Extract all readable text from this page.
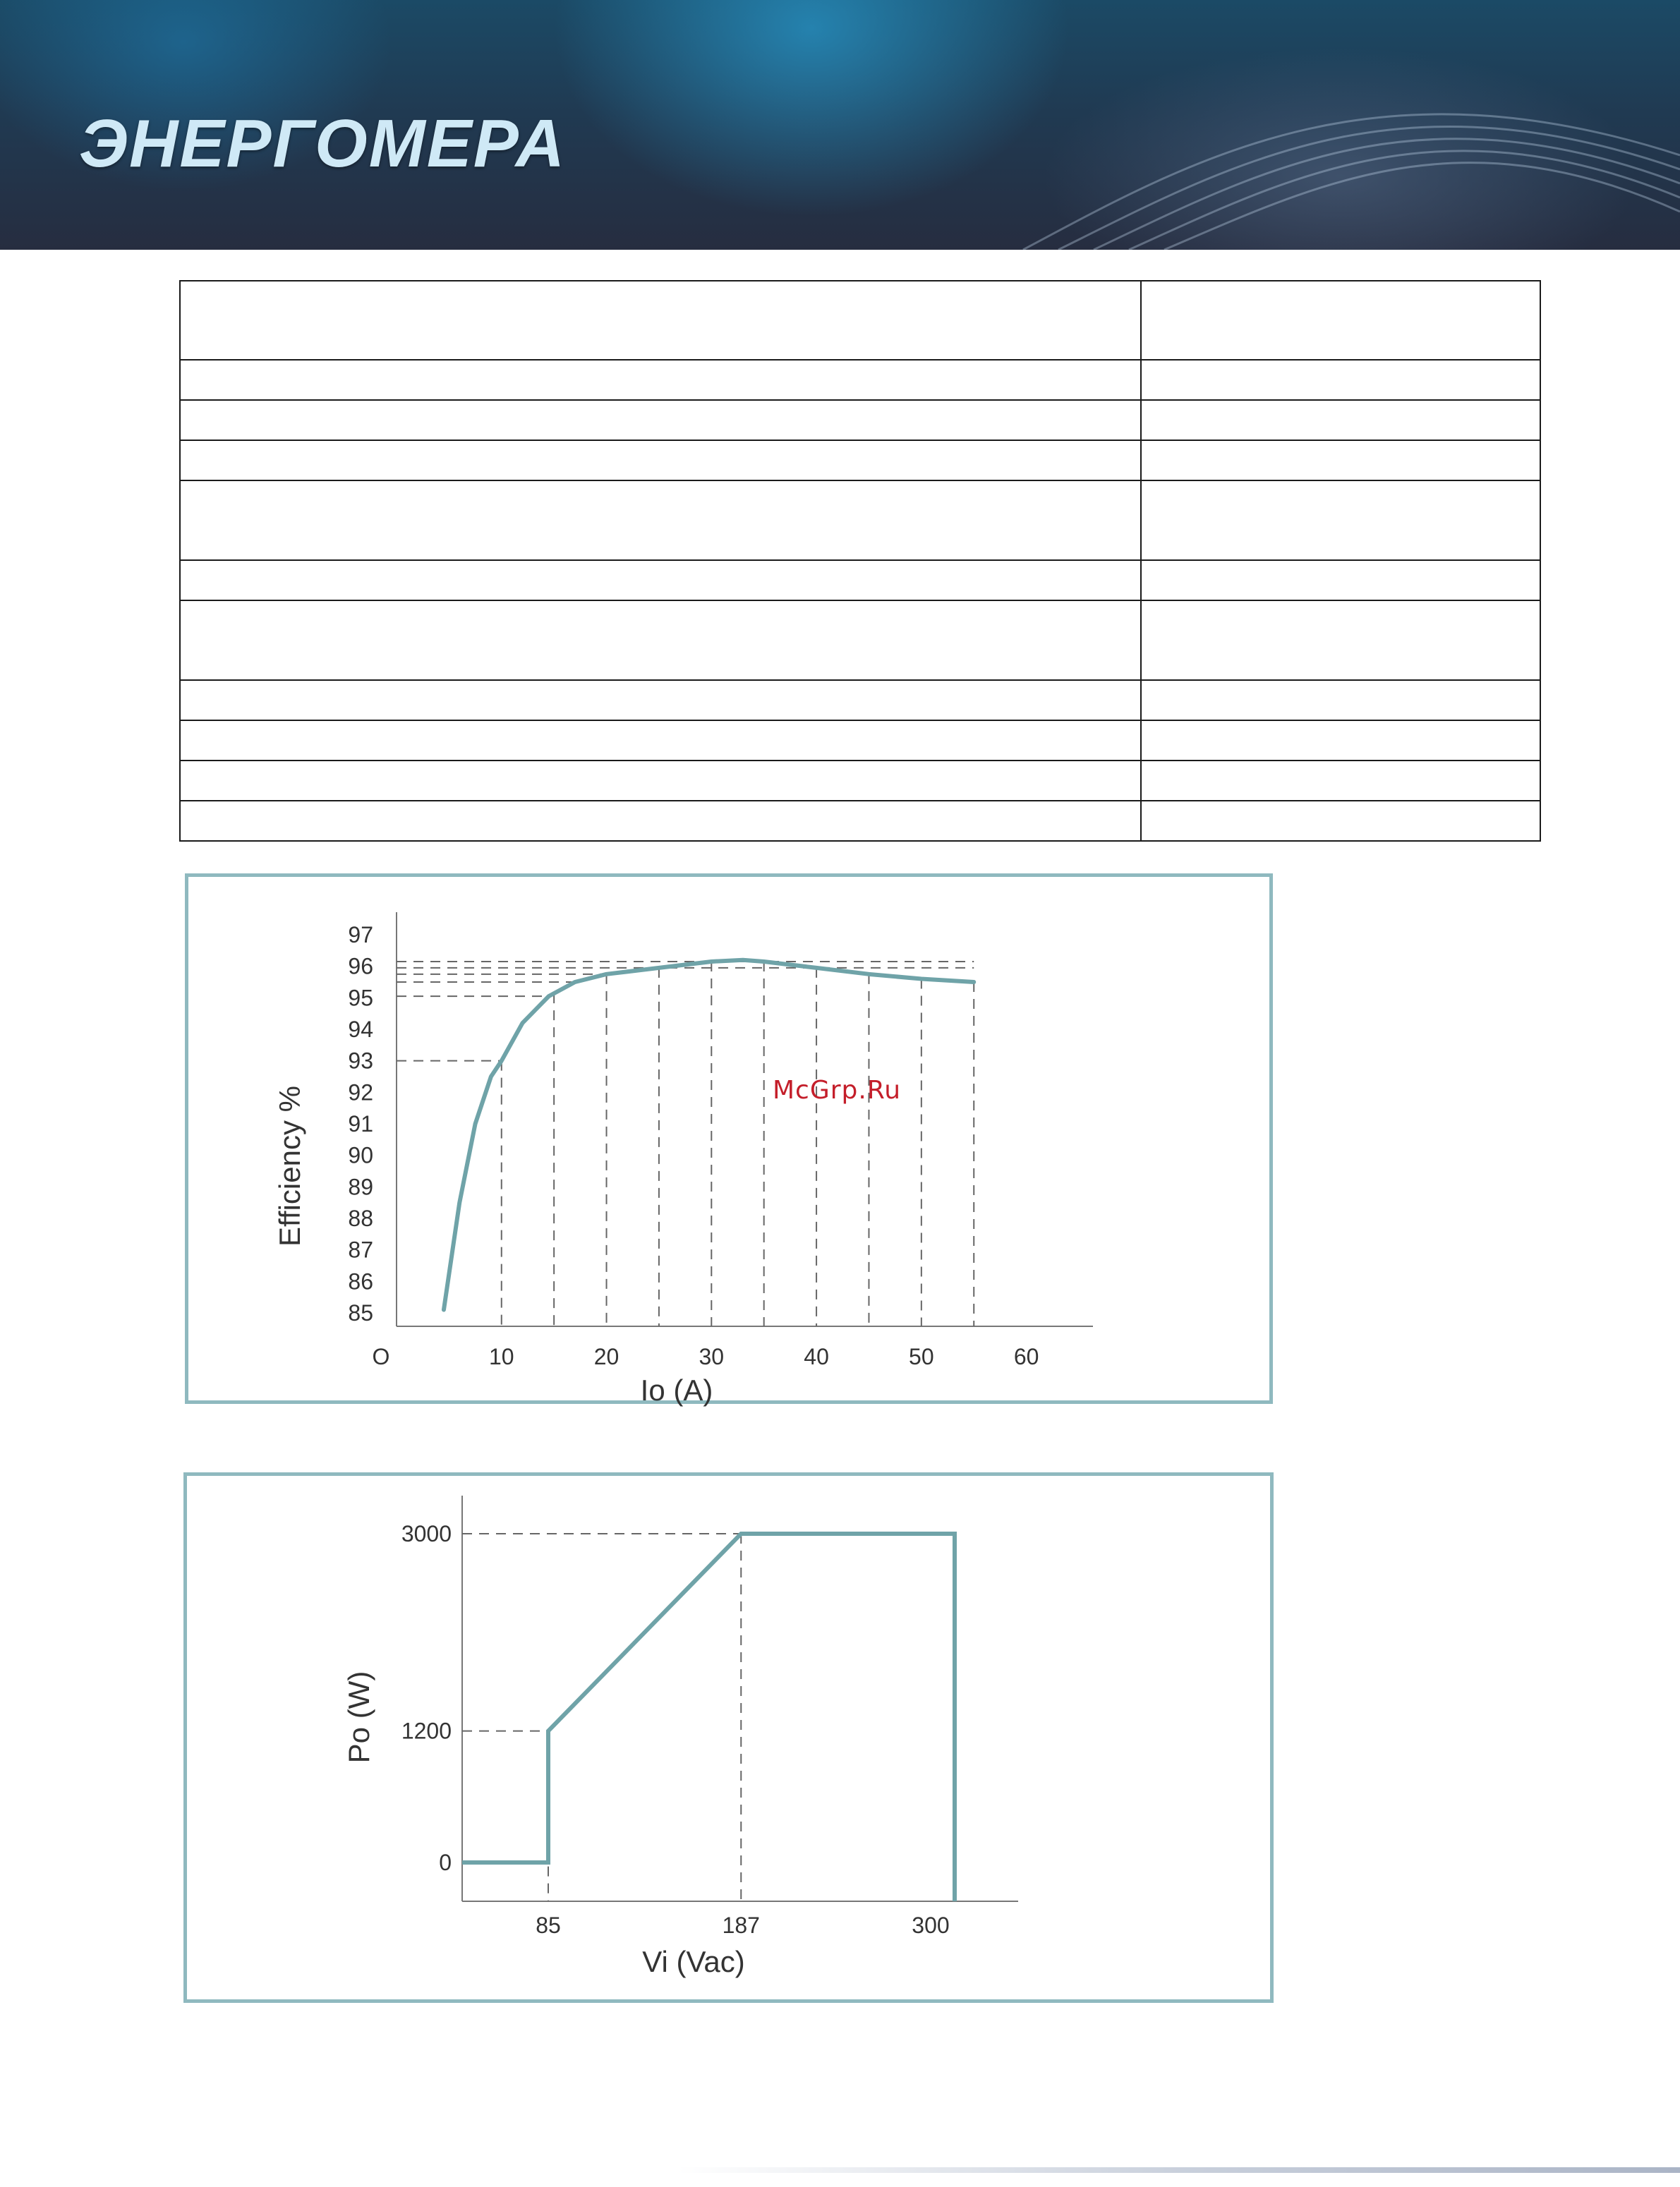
ЭНЕРГОМЕРА

85
86
87
88
89
90
91
92
93
94
95
96
97
O	10	20	30	40	50	60
Io (A)
Efficiency %	McGrp.Ru
0
1200
3000
85	187	300
Vi (Vac)
Po (W)
